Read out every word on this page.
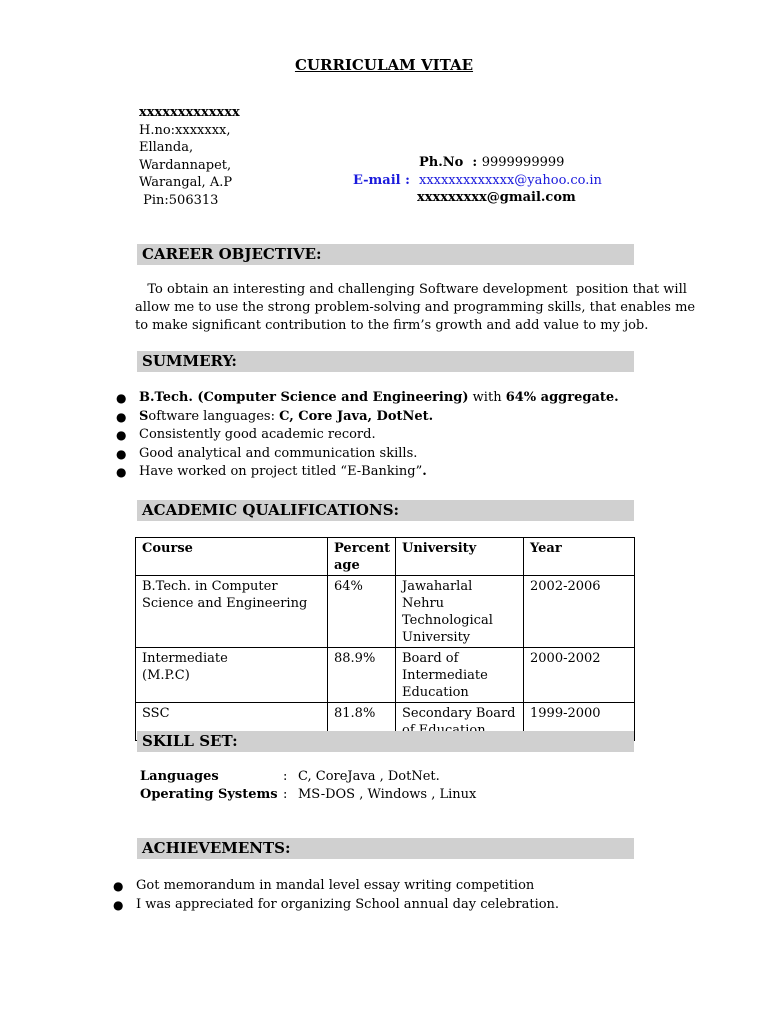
CURRICULAM VITAE
xxxxxxxxxxxxx
H.no:xxxxxxx,
Ellanda,
Wardannapet,
Warangal, A.P
Pin:506313
Ph.No  : 9999999999
E-mail :  xxxxxxxxxxxxx@yahoo.co.in
xxxxxxxxx@gmail.com
CAREER OBJECTIVE:
To obtain an interesting and challenging Software development  position that will
allow me to use the strong problem-solving and programming skills, that enables me
to make significant contribution to the firm’s growth and add value to my job.
SUMMERY:
● B.Tech. (Computer Science and Engineering) with 64% aggregate.
● Software languages: C, Core Java, DotNet.
● Consistently good academic record.
● Good analytical and communication skills.
● Have worked on project titled “E-Banking”.
ACADEMIC QUALIFICATIONS:
Course	Percent age	University	Year
B.Tech. in Computer Science and Engineering	64%	Jawaharlal Nehru Technological University	2002-2006

Intermediate
(M.P.C)	88.9%	Board of Intermediate Education	2000-2002
SSC	81.8%	Secondary Board	1999-2000
SKILL SET:
Languages	: C, CoreJava , DotNet.
Operating Systems : MS-DOS , Windows , Linux
ACHIEVEMENTS:
● Got memorandum in mandal level essay writing competition
● I was appreciated for organizing School annual day celebration.
